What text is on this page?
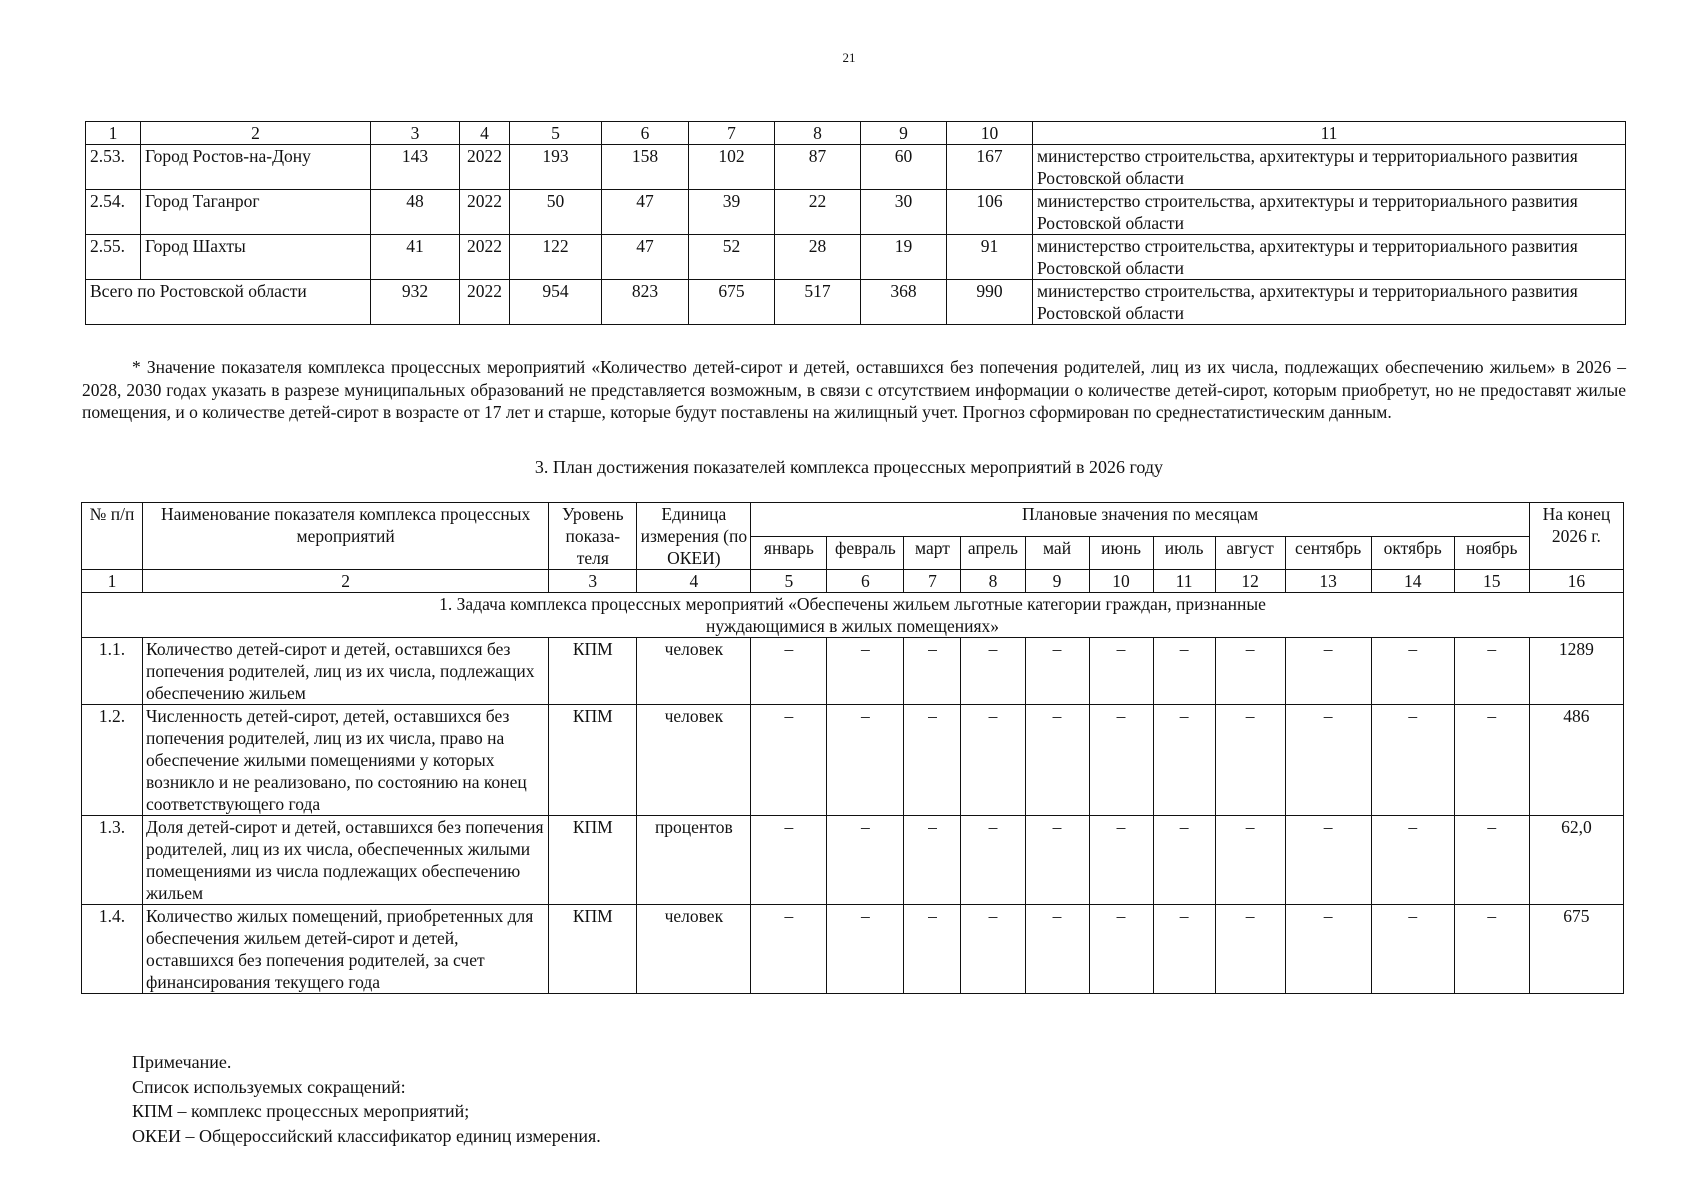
21
1	2	3	4	5	6	7	8	9	10	11
2.53.	Город Ростов-на-Дону	143	2022	193	158	102	87	60	167	министерство строительства, архитектуры и территориального развития Ростовской области
2.54.	Город Таганрог	48	2022	50	47	39	22	30	106	министерство строительства, архитектуры и территориального развития Ростовской области
2.55.	Город Шахты	41	2022	122	47	52	28	19	91	министерство строительства, архитектуры и территориального развития Ростовской области
Всего по Ростовской области		932	2022	954	823	675	517	368	990	министерство строительства, архитектуры и территориального развития Ростовской области
* Значение показателя комплекса процессных мероприятий «Количество детей-сирот и детей, оставшихся без попечения родителей, лиц из их числа, подлежащих обеспечению жильем» в 2026 – 2028, 2030 годах указать в разрезе муниципальных образований не представляется возможным, в связи с отсутствием информации о количестве детей-сирот, которым приобретут, но не предоставят жилые помещения, и о количестве детей-сирот в возрасте от 17 лет и старше, которые будут поставлены на жилищный учет. Прогноз сформирован по среднестатистическим данным.
3. План достижения показателей комплекса процессных мероприятий в 2026 году
№ п/п	Наименование показателя комплекса процессных мероприятий	Уровень показа- теля	Единица измерения (по ОКЕИ)	Плановые значения по месяцам											На конец 2026 г.
				январь	февраль	март	апрель	май	июнь	июль	август	сентябрь	октябрь	ноябрь	
1	2	3	4	5	6	7	8	9	10	11	12	13	14	15	16
1. Задача комплекса процессных мероприятий «Обеспечены жильем льготные категории граждан, признанные нуждающимися в жилых помещениях»															
1.1.	Количество детей-сирот и детей, оставшихся без попечения родителей, лиц из их числа, подлежащих обеспечению жильем	КПМ	человек	–	–	–	–	–	–	–	–	–	–	–	1289
1.2.	Численность детей-сирот, детей, оставшихся без попечения родителей, лиц из их числа, право на обеспечение жилыми помещениями у которых возникло и не реализовано, по состоянию на конец соответствующего года	КПМ	человек	–	–	–	–	–	–	–	–	–	–	–	486
1.3.	Доля детей-сирот и детей, оставшихся без попечения родителей, лиц из их числа, обеспеченных жилыми помещениями из числа подлежащих обеспечению жильем	КПМ	процентов	–	–	–	–	–	–	–	–	–	–	–	62,0
1.4.	Количество жилых помещений, приобретенных для обеспечения жильем детей-сирот и детей, оставшихся без попечения родителей, за счет финансирования текущего года	КПМ	человек	–	–	–	–	–	–	–	–	–	–	–	675
Примечание.
Список используемых сокращений:
КПМ – комплекс процессных мероприятий;
ОКЕИ – Общероссийский классификатор единиц измерения.
